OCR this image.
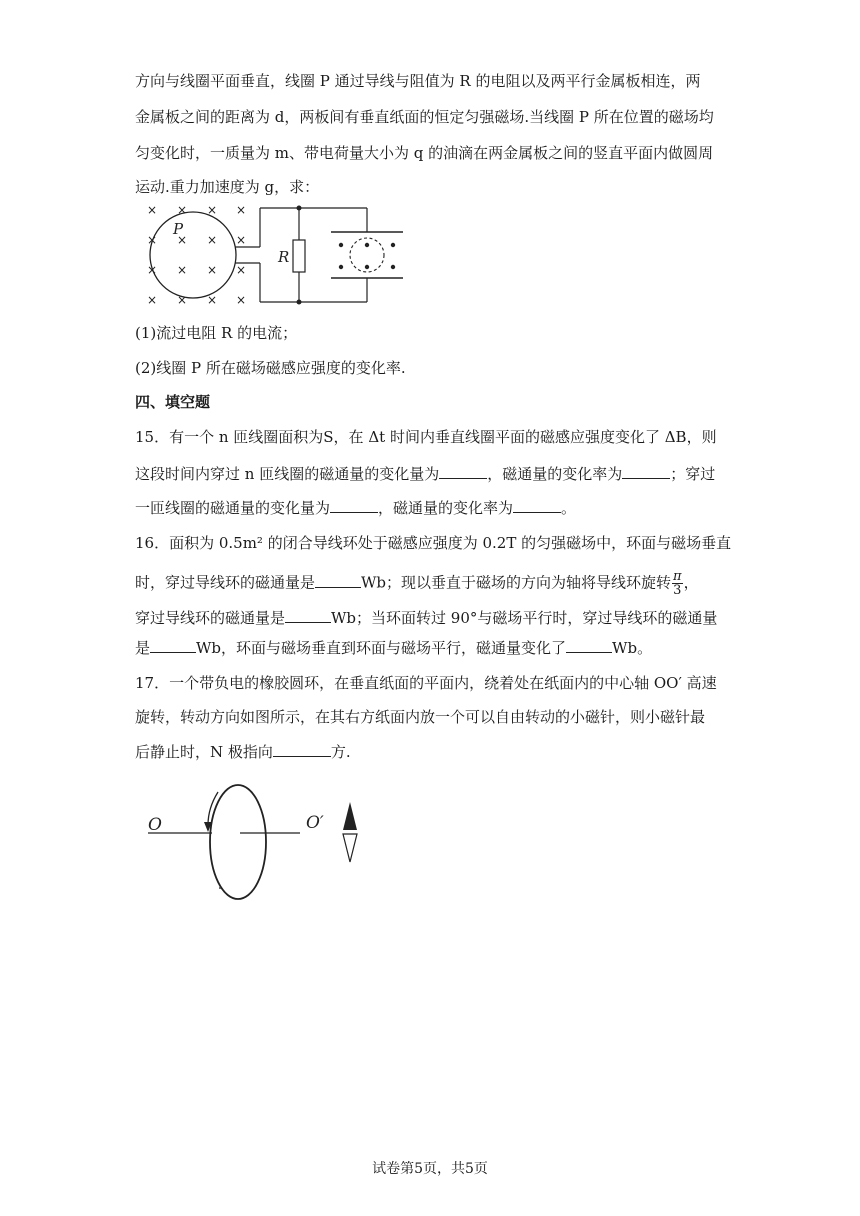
方向与线圈平面垂直，线圈 P 通过导线与阻值为 R 的电阻以及两平行金属板相连，两
金属板之间的距离为 d，两板间有垂直纸面的恒定匀强磁场.当线圈 P 所在位置的磁场均
匀变化时，一质量为 m、带电荷量大小为 q 的油滴在两金属板之间的竖直平面内做圆周
运动.重力加速度为 g，求：
× × × ×
× × × ×
× × × ×
× × × ×
P
R
(1)流过电阻 R 的电流；
(2)线圈 P 所在磁场磁感应强度的变化率.
四、填空题
15．有一个 n 匝线圈面积为S，在 Δt 时间内垂直线圈平面的磁感应强度变化了 ΔB，则
这段时间内穿过 n 匝线圈的磁通量的变化量为	，磁通量的变化率为	；穿过
一匝线圈的磁通量的变化量为	，磁通量的变化率为	。
16．面积为 0.5m² 的闭合导线环处于磁感应强度为 0.2T 的匀强磁场中，环面与磁场垂直
时，穿过导线环的磁通量是	Wb；现以垂直于磁场的方向为轴将导线环旋转 $\frac{\pi}{3}$ ，
穿过导线环的磁通量是	Wb；当环面转过 90°与磁场平行时，穿过导线环的磁通量
是	Wb，环面与磁场垂直到环面与磁场平行，磁通量变化了	Wb。
17．一个带负电的橡胶圆环，在垂直纸面的平面内，绕着处在纸面内的中心轴 OO′ 高速
旋转，转动方向如图所示，在其右方纸面内放一个可以自由转动的小磁针，则小磁针最
后静止时，N 极指向	方.
O	O′
试卷第5页，共5页
